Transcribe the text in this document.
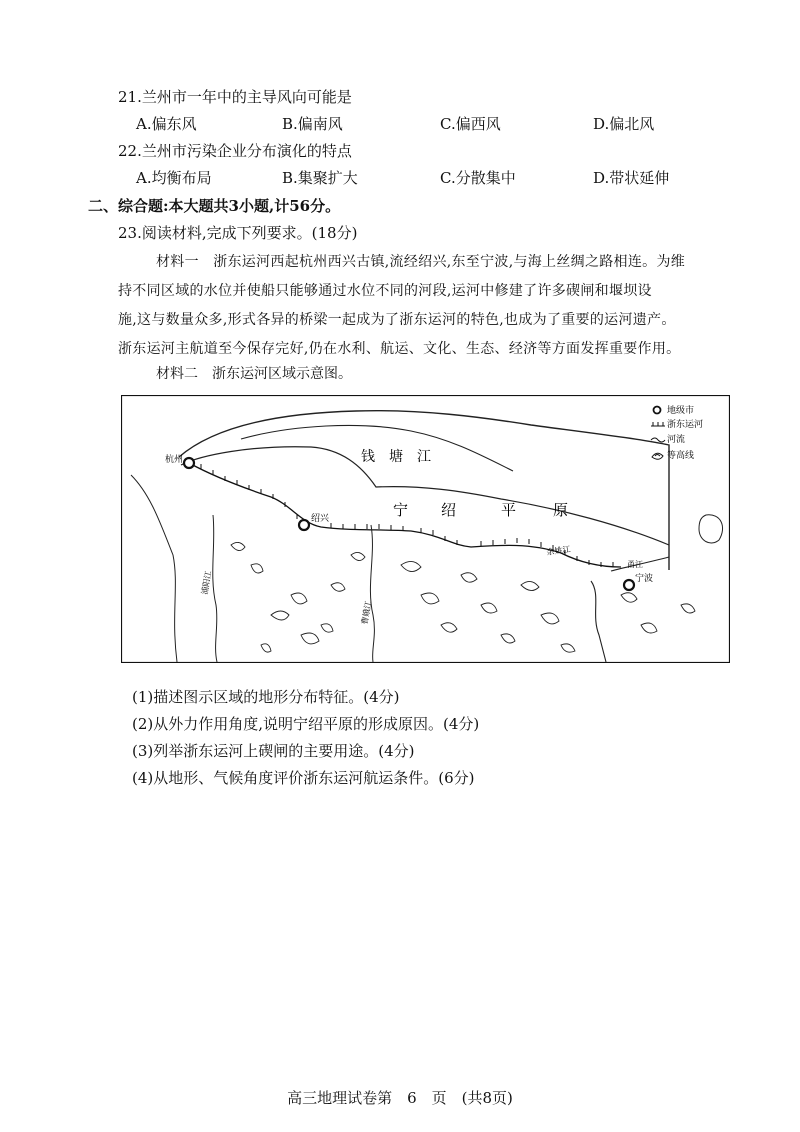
21.兰州市一年中的主导风向可能是
A.偏东风	B.偏南风	C.偏西风	D.偏北风
22.兰州市污染企业分布演化的特点
A.均衡布局	B.集聚扩大	C.分散集中	D.带状延伸
二、综合题:本大题共3小题,计56分。
23.阅读材料,完成下列要求。(18分)
材料一　浙东运河西起杭州西兴古镇,流经绍兴,东至宁波,与海上丝绸之路相连。为维
持不同区域的水位并使船只能够通过水位不同的河段,运河中修建了许多碶闸和堰坝设
施,这与数量众多,形式各异的桥梁一起成为了浙东运河的特色,也成为了重要的运河遗产。
浙东运河主航道至今保存完好,仍在水利、航运、文化、生态、经济等方面发挥重要作用。
材料二　浙东运河区域示意图。
杭州
绍兴
宁波
钱塘江
宁 绍	平 原
余姚江
甬江
浦阳江
曹娥江
地级市
浙东运河
河流
等高线
(1)描述图示区域的地形分布特征。(4分)
(2)从外力作用角度,说明宁绍平原的形成原因。(4分)
(3)列举浙东运河上碶闸的主要用途。(4分)
(4)从地形、气候角度评价浙东运河航运条件。(6分)
高三地理试卷第　6　页　(共8页)
